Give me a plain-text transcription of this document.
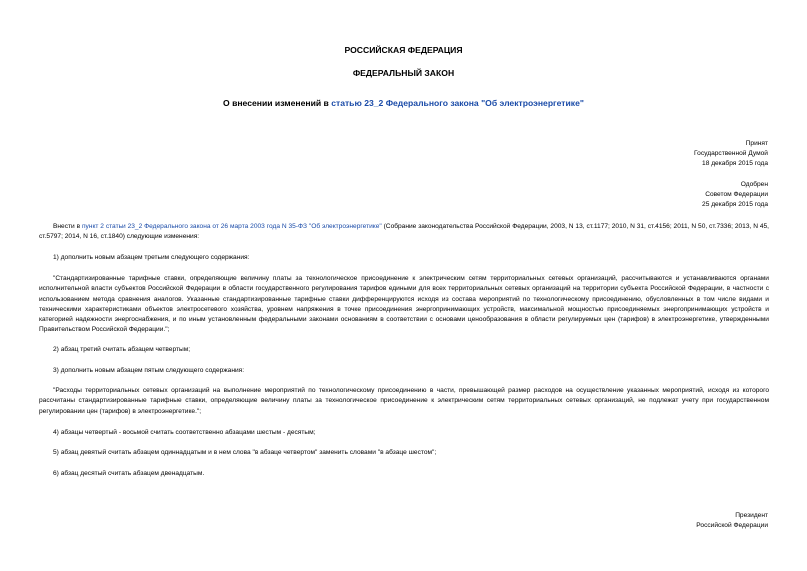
РОССИЙСКАЯ ФЕДЕРАЦИЯ
ФЕДЕРАЛЬНЫЙ ЗАКОН
О внесении изменений в статью 23_2 Федерального закона "Об электроэнергетике"
Принят
Государственной Думой
18 декабря 2015 года
Одобрен
Советом Федерации
25 декабря 2015 года

Внести в пункт 2 статьи 23_2 Федерального закона от 26 марта 2003 года N 35-ФЗ "Об электроэнергетике" (Собрание законодательства Российской Федерации, 2003, N 13, ст.1177; 2010, N 31, ст.4156; 2011, N 50, ст.7336; 2013, N 45, ст.5797; 2014, N 16, ст.1840) следующие изменения:

1) дополнить новым абзацем третьим следующего содержания:

"Стандартизированные тарифные ставки, определяющие величину платы за технологическое присоединение к электрическим сетям территориальных сетевых организаций, рассчитываются и устанавливаются органами исполнительной власти субъектов Российской Федерации в области государственного регулирования тарифов едиными для всех территориальных сетевых организаций на территории субъекта Российской Федерации, в частности с использованием метода сравнения аналогов. Указанные стандартизированные тарифные ставки дифференцируются исходя из состава мероприятий по технологическому присоединению, обусловленных в том числе видами и техническими характеристиками объектов электросетевого хозяйства, уровнем напряжения в точке присоединения энергопринимающих устройств, максимальной мощностью присоединяемых энергопринимающих устройств и категорией надежности энергоснабжения, и по иным установленным федеральными законами основаниям в соответствии с основами ценообразования в области регулируемых цен (тарифов) в электроэнергетике, утвержденными Правительством Российской Федерации.";

2) абзац третий считать абзацем четвертым;

3) дополнить новым абзацем пятым следующего содержания:

"Расходы территориальных сетевых организаций на выполнение мероприятий по технологическому присоединению в части, превышающей размер расходов на осуществление указанных мероприятий, исходя из которого рассчитаны стандартизированные тарифные ставки, определяющие величину платы за технологическое присоединение к электрическим сетям территориальных сетевых организаций, не подлежат учету при государственном регулировании цен (тарифов) в электроэнергетике.";

4) абзацы четвертый - восьмой считать соответственно абзацами шестым - десятым;

5) абзац девятый считать абзацем одиннадцатым и в нем слова "в абзаце четвертом" заменить словами "в абзаце шестом";

6) абзац десятый считать абзацем двенадцатым.

Президент
Российской Федерации
